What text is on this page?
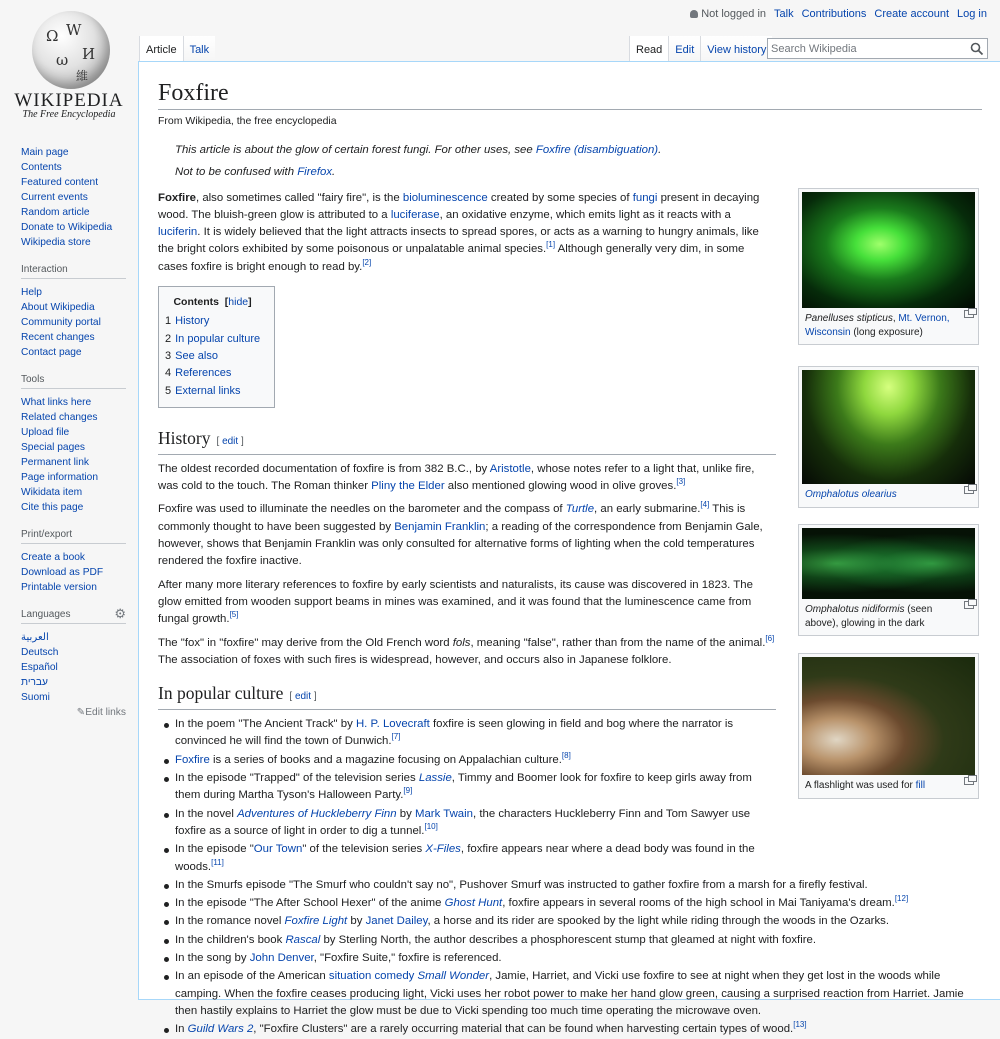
Ω W
И
ω
維
WIKIPEDIA
The Free Encyclopedia
Not logged in Talk Contributions Create account Log in
Article	Talk	Read	Edit	View history
Search Wikipedia
Main page
Contents
Featured content
Current events
Random article
Donate to Wikipedia
Wikipedia store
Interaction
Help
About Wikipedia
Community portal
Recent changes
Contact page
Tools
What links here
Related changes
Upload file
Special pages
Permanent link
Page information
Wikidata item
Cite this page
Print/export
Create a book
Download as PDF
Printable version
Languages	⚙
العربية
Deutsch
Español
עברית
Suomi
✎Edit links
Foxfire
From Wikipedia, the free encyclopedia
This article is about the glow of certain forest fungi. For other uses, see Foxfire (disambiguation).
Not to be confused with Firefox.

Foxfire, also sometimes called "fairy fire", is the bioluminescence created by some species of fungi present in decaying wood. The bluish-green glow is attributed to a luciferase, an oxidative enzyme, which emits light as it reacts with a luciferin. It is widely believed that the light attracts insects to spread spores, or acts as a warning to hungry animals, like the bright colors exhibited by some poisonous or unpalatable animal species.[1] Although generally very dim, in some cases foxfire is bright enough to read by.[2]

Contents  [hide]
1 History
2 In popular culture
3 See also
4 References
5 External links
History [ edit ]

The oldest recorded documentation of foxfire is from 382 B.C., by Aristotle, whose notes refer to a light that, unlike fire, was cold to the touch. The Roman thinker Pliny the Elder also mentioned glowing wood in olive groves.[3]

Foxfire was used to illuminate the needles on the barometer and the compass of Turtle, an early submarine.[4] This is commonly thought to have been suggested by Benjamin Franklin; a reading of the correspondence from Benjamin Gale, however, shows that Benjamin Franklin was only consulted for alternative forms of lighting when the cold temperatures rendered the foxfire inactive.

After many more literary references to foxfire by early scientists and naturalists, its cause was discovered in 1823. The glow emitted from wooden support beams in mines was examined, and it was found that the luminescence came from fungal growth.[5]

The "fox" in "foxfire" may derive from the Old French word fols, meaning "false", rather than from the name of the animal.[6] The association of foxes with such fires is widespread, however, and occurs also in Japanese folklore.

In popular culture [ edit ]
In the poem "The Ancient Track" by H. P. Lovecraft foxfire is seen glowing in field and bog where the narrator is convinced he will find the town of Dunwich.[7]
Foxfire is a series of books and a magazine focusing on Appalachian culture.[8]
In the episode "Trapped" of the television series Lassie, Timmy and Boomer look for foxfire to keep girls away from them during Martha Tyson's Halloween Party.[9]
In the novel Adventures of Huckleberry Finn by Mark Twain, the characters Huckleberry Finn and Tom Sawyer use foxfire as a source of light in order to dig a tunnel.[10]
In the episode "Our Town" of the television series X-Files, foxfire appears near where a dead body was found in the woods.[11]
In the Smurfs episode "The Smurf who couldn't say no", Pushover Smurf was instructed to gather foxfire from a marsh for a firefly festival.
In the episode "The After School Hexer" of the anime Ghost Hunt, foxfire appears in several rooms of the high school in Mai Taniyama's dream.[12]
In the romance novel Foxfire Light by Janet Dailey, a horse and its rider are spooked by the light while riding through the woods in the Ozarks.
In the children's book Rascal by Sterling North, the author describes a phosphorescent stump that gleamed at night with foxfire.
In the song by John Denver, "Foxfire Suite," foxfire is referenced.
In an episode of the American situation comedy Small Wonder, Jamie, Harriet, and Vicki use foxfire to see at night when they get lost in the woods while camping. When the foxfire ceases producing light, Vicki uses her robot power to make her hand glow green, causing a surprised reaction from Harriet. Jamie then hastily explains to Harriet the glow must be due to Vicki spending too much time operating the microwave oven.
In Guild Wars 2, "Foxfire Clusters" are a rarely occurring material that can be found when harvesting certain types of wood.[13]
Panelluses stipticus, Mt. Vernon, Wisconsin (long exposure)
Omphalotus olearius
Omphalotus nidiformis (seen above), glowing in the dark
A flashlight was used for fill
